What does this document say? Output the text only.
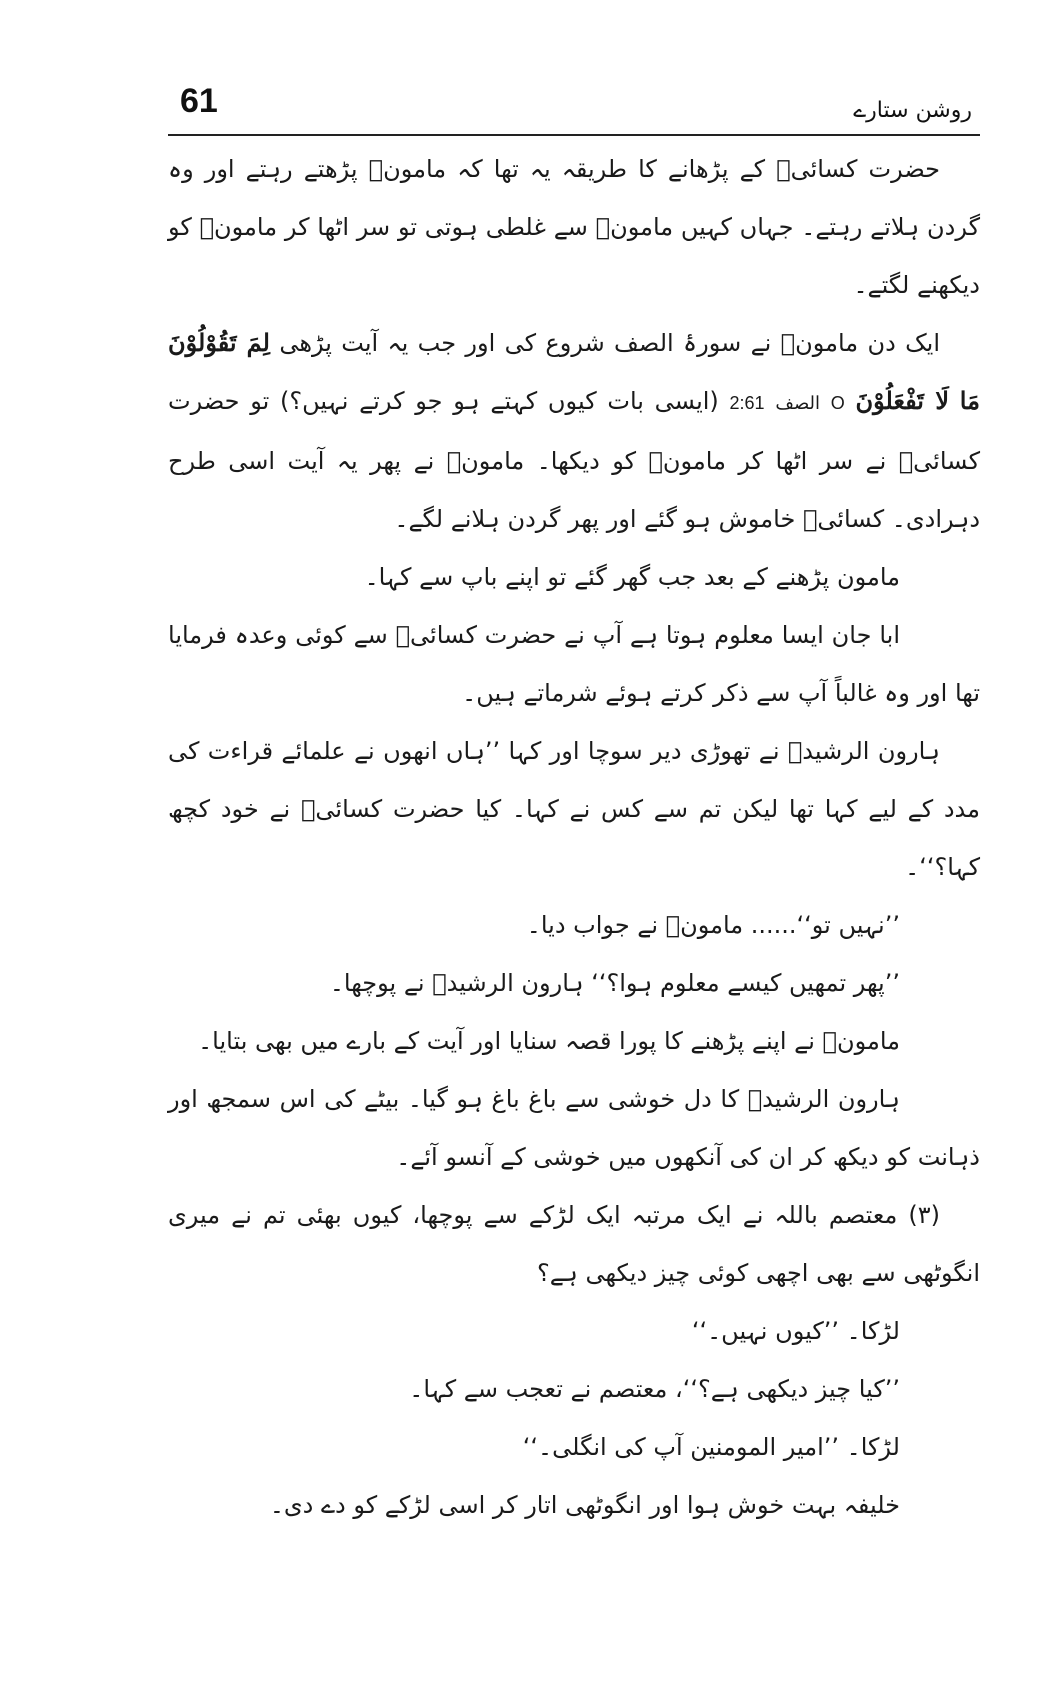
61	روشن ستارے

حضرت کسائیؒ کے پڑھانے کا طریقہ یہ تھا کہ مامونؒ پڑھتے رہتے اور وہ گردن ہلاتے رہتے۔ جہاں کہیں مامونؒ سے غلطی ہوتی تو سر اٹھا کر مامونؒ کو دیکھنے لگتے۔

ایک دن مامونؒ نے سورۂ الصف شروع کی اور جب یہ آیت پڑھی لِمَ تَقُوْلُوْنَ مَا لَا تَفْعَلُوْنَ O الصف 2:61 (ایسی بات کیوں کہتے ہو جو کرتے نہیں؟) تو حضرت کسائیؒ نے سر اٹھا کر مامونؒ کو دیکھا۔ مامونؒ نے پھر یہ آیت اسی طرح دہرادی۔ کسائیؒ خاموش ہو گئے اور پھر گردن ہلانے لگے۔

مامون پڑھنے کے بعد جب گھر گئے تو اپنے باپ سے کہا۔

ابا جان ایسا معلوم ہوتا ہے آپ نے حضرت کسائیؒ سے کوئی وعدہ فرمایا تھا اور وہ غالباً آپ سے ذکر کرتے ہوئے شرماتے ہیں۔

ہارون الرشیدؒ نے تھوڑی دیر سوچا اور کہا ’’ہاں انھوں نے علمائے قراءت کی مدد کے لیے کہا تھا لیکن تم سے کس نے کہا۔ کیا حضرت کسائیؒ نے خود کچھ کہا؟‘‘۔

’’نہیں تو‘‘...... مامونؒ نے جواب دیا۔

’’پھر تمھیں کیسے معلوم ہوا؟‘‘ ہارون الرشیدؒ نے پوچھا۔

مامونؒ نے اپنے پڑھنے کا پورا قصہ سنایا اور آیت کے بارے میں بھی بتایا۔

ہارون الرشیدؒ کا دل خوشی سے باغ باغ ہو گیا۔ بیٹے کی اس سمجھ اور ذہانت کو دیکھ کر ان کی آنکھوں میں خوشی کے آنسو آئے۔

(۳) معتصم باللہ نے ایک مرتبہ ایک لڑکے سے پوچھا، کیوں بھئی تم نے میری انگوٹھی سے بھی اچھی کوئی چیز دیکھی ہے؟

لڑکا۔ ’’کیوں نہیں۔‘‘

’’کیا چیز دیکھی ہے؟‘‘، معتصم نے تعجب سے کہا۔

لڑکا۔ ’’امیر المومنین آپ کی انگلی۔‘‘

خلیفہ بہت خوش ہوا اور انگوٹھی اتار کر اسی لڑکے کو دے دی۔
